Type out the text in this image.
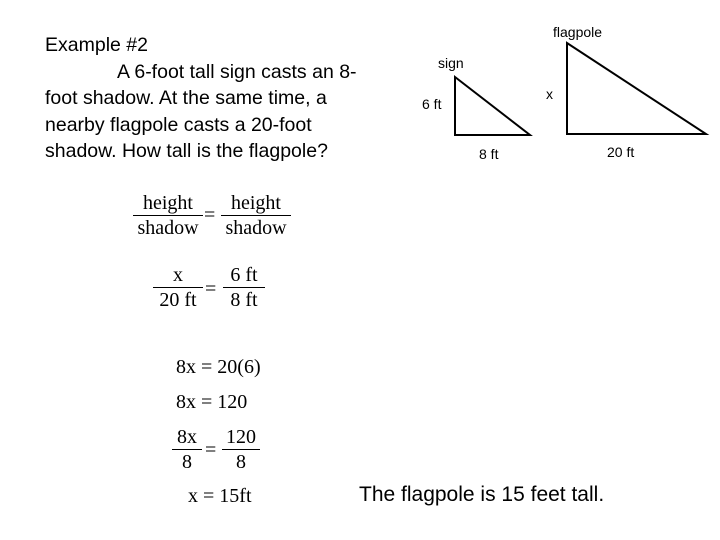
Example #2
A 6-foot tall sign casts an 8-
foot shadow. At the same time, a
nearby flagpole casts a 20-foot
shadow. How tall is the flagpole?
sign
6 ft
8 ft
flagpole
x
20 ft
height
shadow
=
height
shadow
x
20 ft =
6 ft
8 ft
8x = 20(6)
8x = 120
8x
8
=
120
8
x = 15ft	The flagpole is 15 feet tall.
